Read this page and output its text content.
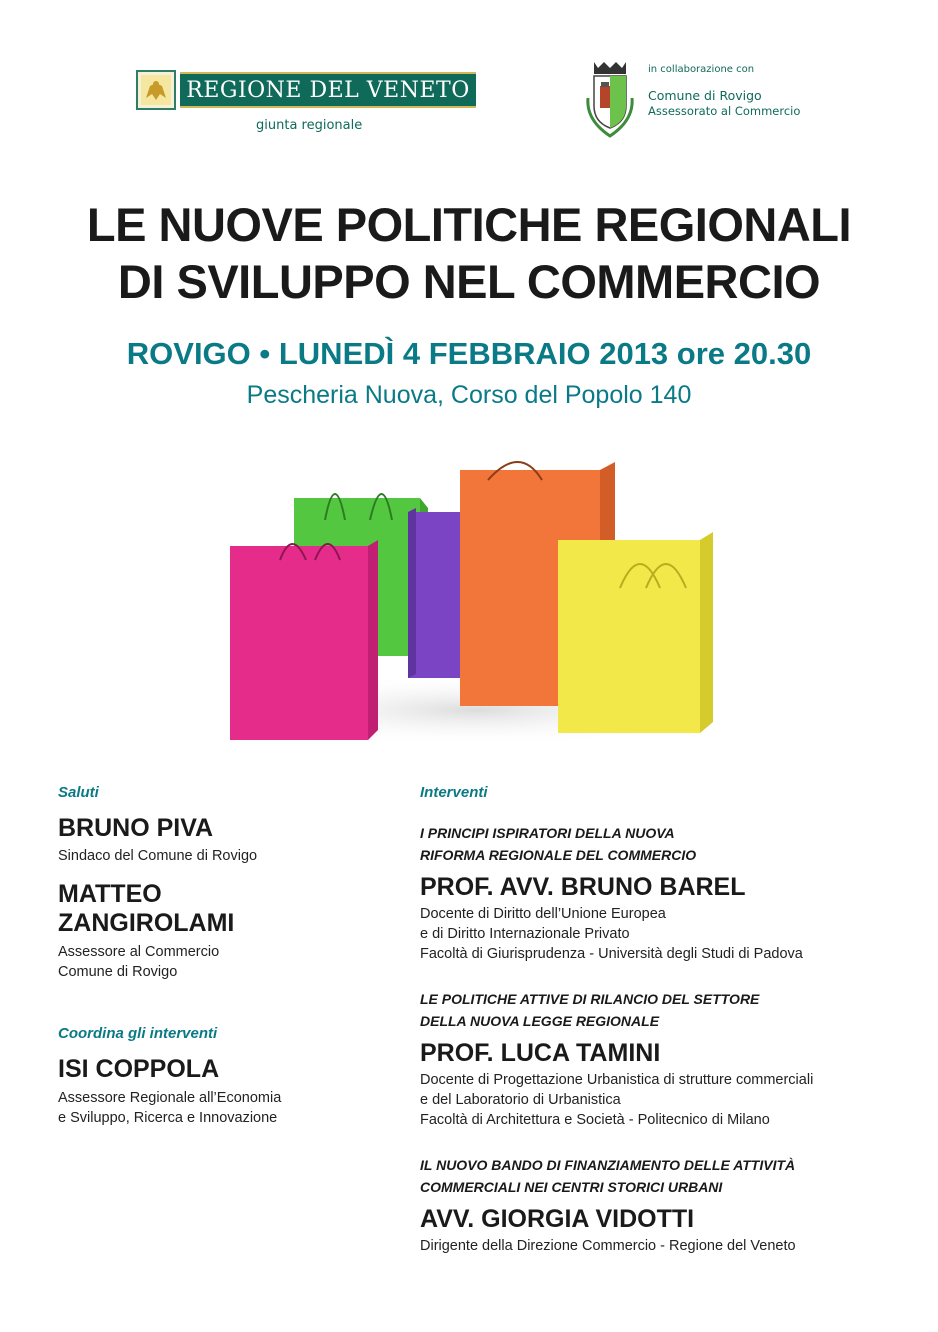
REGIONE DEL VENETO
giunta regionale
in collaborazione con
Comune di Rovigo
Assessorato al Commercio
LE NUOVE POLITICHE REGIONALI
DI SVILUPPO NEL COMMERCIO
ROVIGO • LUNEDÌ 4 FEBBRAIO 2013 ore 20.30
Pescheria Nuova, Corso del Popolo 140
Saluti
BRUNO PIVA
Sindaco del Comune di Rovigo
MATTEO
ZANGIROLAMI
Assessore al Commercio
Comune di Rovigo
Coordina gli interventi
ISI COPPOLA
Assessore Regionale all’Economia
e Sviluppo, Ricerca e Innovazione
Interventi
I PRINCIPI ISPIRATORI DELLA NUOVA
RIFORMA REGIONALE DEL COMMERCIO
PROF. AVV. BRUNO BAREL
Docente di Diritto dell’Unione Europea
e di Diritto Internazionale Privato
Facoltà di Giurisprudenza - Università degli Studi di Padova
LE POLITICHE ATTIVE DI RILANCIO DEL SETTORE
DELLA NUOVA LEGGE REGIONALE
PROF. LUCA TAMINI
Docente di Progettazione Urbanistica di strutture commerciali
e del Laboratorio di Urbanistica
Facoltà di Architettura e Società - Politecnico di Milano
IL NUOVO BANDO DI FINANZIAMENTO DELLE ATTIVITÀ
COMMERCIALI NEI CENTRI STORICI URBANI
AVV. GIORGIA VIDOTTI
Dirigente della Direzione Commercio - Regione del Veneto
